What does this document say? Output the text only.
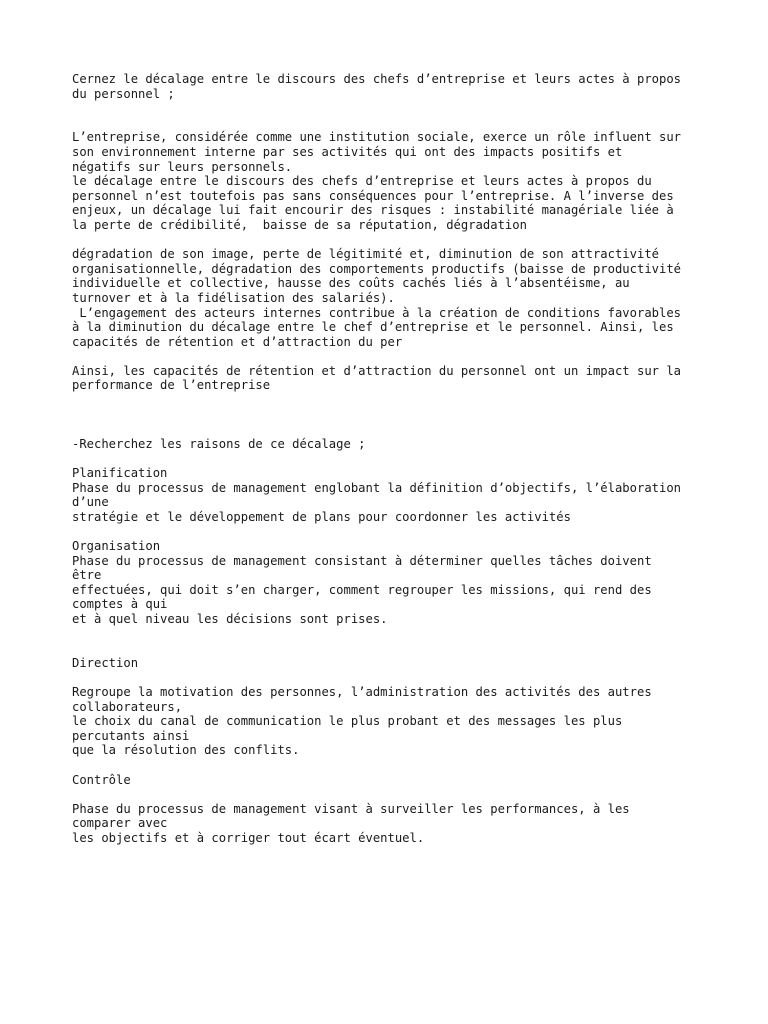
Cernez le décalage entre le discours des chefs d’entreprise et leurs actes à propos
du personnel ;
L’entreprise, considérée comme une institution sociale, exerce un rôle influent sur
son environnement interne par ses activités qui ont des impacts positifs et
négatifs sur leurs personnels.
le décalage entre le discours des chefs d’entreprise et leurs actes à propos du
personnel n’est toutefois pas sans conséquences pour l’entreprise. A l’inverse des
enjeux, un décalage lui fait encourir des risques : instabilité managériale liée à
la perte de crédibilité,  baisse de sa réputation, dégradation
dégradation de son image, perte de légitimité et, diminution de son attractivité
organisationnelle, dégradation des comportements productifs (baisse de productivité
individuelle et collective, hausse des coûts cachés liés à l’absentéisme, au
turnover et à la fidélisation des salariés).
L’engagement des acteurs internes contribue à la création de conditions favorables
à la diminution du décalage entre le chef d’entreprise et le personnel. Ainsi, les
capacités de rétention et d’attraction du per
Ainsi, les capacités de rétention et d’attraction du personnel ont un impact sur la
performance de l’entreprise
-Recherchez les raisons de ce décalage ;
Planification
Phase du processus de management englobant la définition d’objectifs, l’élaboration
d’une
stratégie et le développement de plans pour coordonner les activités
Organisation
Phase du processus de management consistant à déterminer quelles tâches doivent
être
effectuées, qui doit s’en charger, comment regrouper les missions, qui rend des
comptes à qui
et à quel niveau les décisions sont prises.
Direction
Regroupe la motivation des personnes, l’administration des activités des autres
collaborateurs,
le choix du canal de communication le plus probant et des messages les plus
percutants ainsi
que la résolution des conflits.
Contrôle
Phase du processus de management visant à surveiller les performances, à les
comparer avec
les objectifs et à corriger tout écart éventuel.
